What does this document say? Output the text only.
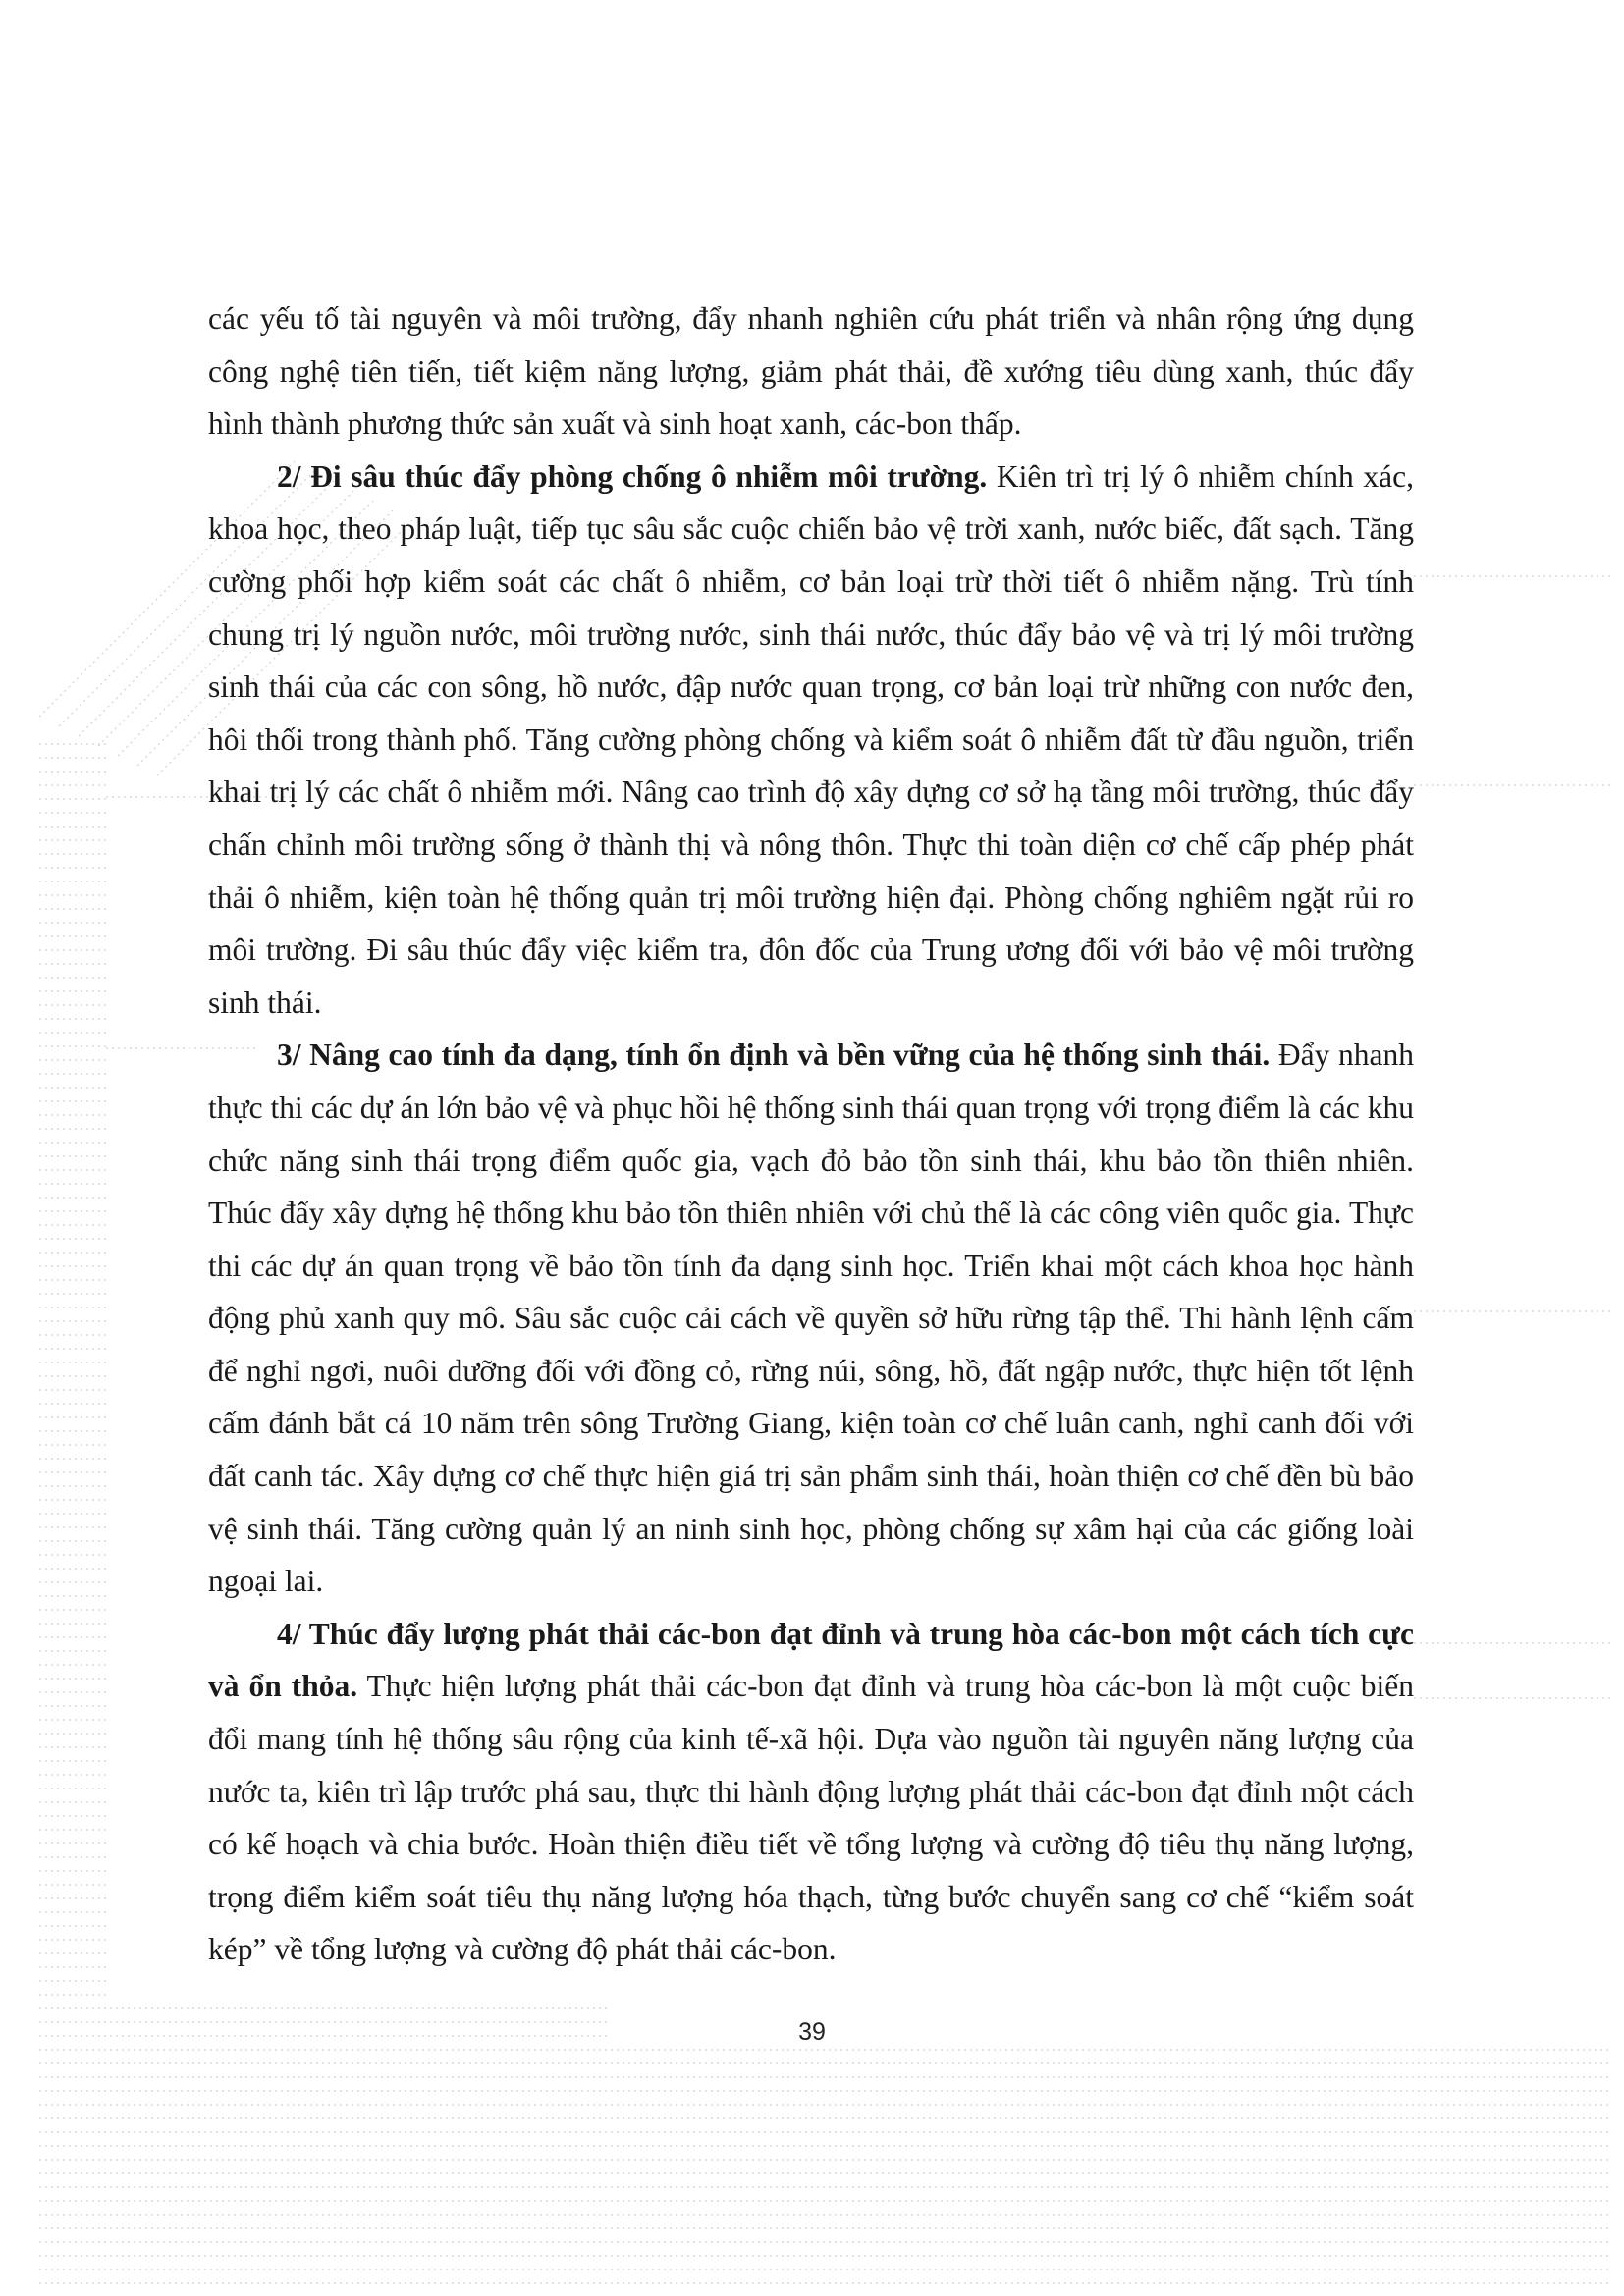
các yếu tố tài nguyên và môi trường, đẩy nhanh nghiên cứu phát triển và nhân rộng ứng dụng công nghệ tiên tiến, tiết kiệm năng lượng, giảm phát thải, đề xướng tiêu dùng xanh, thúc đẩy hình thành phương thức sản xuất và sinh hoạt xanh, các-bon thấp.

2/ Đi sâu thúc đẩy phòng chống ô nhiễm môi trường. Kiên trì trị lý ô nhiễm chính xác, khoa học, theo pháp luật, tiếp tục sâu sắc cuộc chiến bảo vệ trời xanh, nước biếc, đất sạch. Tăng cường phối hợp kiểm soát các chất ô nhiễm, cơ bản loại trừ thời tiết ô nhiễm nặng. Trù tính chung trị lý nguồn nước, môi trường nước, sinh thái nước, thúc đẩy bảo vệ và trị lý môi trường sinh thái của các con sông, hồ nước, đập nước quan trọng, cơ bản loại trừ những con nước đen, hôi thối trong thành phố. Tăng cường phòng chống và kiểm soát ô nhiễm đất từ đầu nguồn, triển khai trị lý các chất ô nhiễm mới. Nâng cao trình độ xây dựng cơ sở hạ tầng môi trường, thúc đẩy chấn chỉnh môi trường sống ở thành thị và nông thôn. Thực thi toàn diện cơ chế cấp phép phát thải ô nhiễm, kiện toàn hệ thống quản trị môi trường hiện đại. Phòng chống nghiêm ngặt rủi ro môi trường. Đi sâu thúc đẩy việc kiểm tra, đôn đốc của Trung ương đối với bảo vệ môi trường sinh thái.

3/ Nâng cao tính đa dạng, tính ổn định và bền vững của hệ thống sinh thái. Đẩy nhanh thực thi các dự án lớn bảo vệ và phục hồi hệ thống sinh thái quan trọng với trọng điểm là các khu chức năng sinh thái trọng điểm quốc gia, vạch đỏ bảo tồn sinh thái, khu bảo tồn thiên nhiên. Thúc đẩy xây dựng hệ thống khu bảo tồn thiên nhiên với chủ thể là các công viên quốc gia. Thực thi các dự án quan trọng về bảo tồn tính đa dạng sinh học. Triển khai một cách khoa học hành động phủ xanh quy mô. Sâu sắc cuộc cải cách về quyền sở hữu rừng tập thể. Thi hành lệnh cấm để nghỉ ngơi, nuôi dưỡng đối với đồng cỏ, rừng núi, sông, hồ, đất ngập nước, thực hiện tốt lệnh cấm đánh bắt cá 10 năm trên sông Trường Giang, kiện toàn cơ chế luân canh, nghỉ canh đối với đất canh tác. Xây dựng cơ chế thực hiện giá trị sản phẩm sinh thái, hoàn thiện cơ chế đền bù bảo vệ sinh thái. Tăng cường quản lý an ninh sinh học, phòng chống sự xâm hại của các giống loài ngoại lai.

4/ Thúc đẩy lượng phát thải các-bon đạt đỉnh và trung hòa các-bon một cách tích cực và ổn thỏa. Thực hiện lượng phát thải các-bon đạt đỉnh và trung hòa các-bon là một cuộc biến đổi mang tính hệ thống sâu rộng của kinh tế-xã hội. Dựa vào nguồn tài nguyên năng lượng của nước ta, kiên trì lập trước phá sau, thực thi hành động lượng phát thải các-bon đạt đỉnh một cách có kế hoạch và chia bước. Hoàn thiện điều tiết về tổng lượng và cường độ tiêu thụ năng lượng, trọng điểm kiểm soát tiêu thụ năng lượng hóa thạch, từng bước chuyển sang cơ chế “kiểm soát kép” về tổng lượng và cường độ phát thải các-bon.

39
